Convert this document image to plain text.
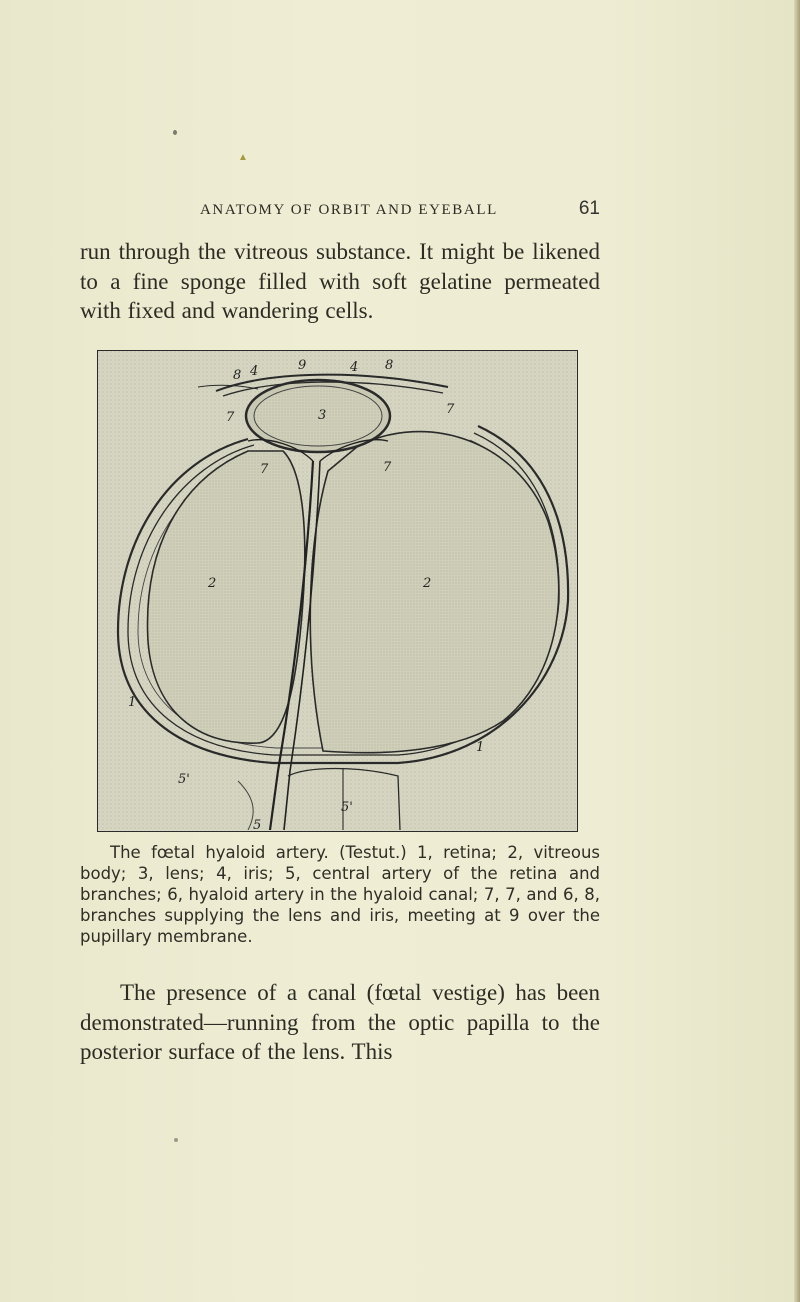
ANATOMY OF ORBIT AND EYEBALL	61
run through the vitreous substance. It might be likened to a fine sponge filled with soft gelatine permeated with fixed and wandering cells.
8 4	9	4 8
7	3	7
7	7
2	2
1
1
5'
5'
5

The fœtal hyaloid artery. (Testut.) 1, retina; 2, vitreous body; 3, lens; 4, iris; 5, central artery of the retina and branches; 6, hyaloid artery in the hyaloid canal; 7, 7, and 6, 8, branches supplying the lens and iris, meeting at 9 over the pupillary membrane.

The presence of a canal (fœtal vestige) has been demonstrated—running from the optic papilla to the posterior surface of the lens. This
▲
